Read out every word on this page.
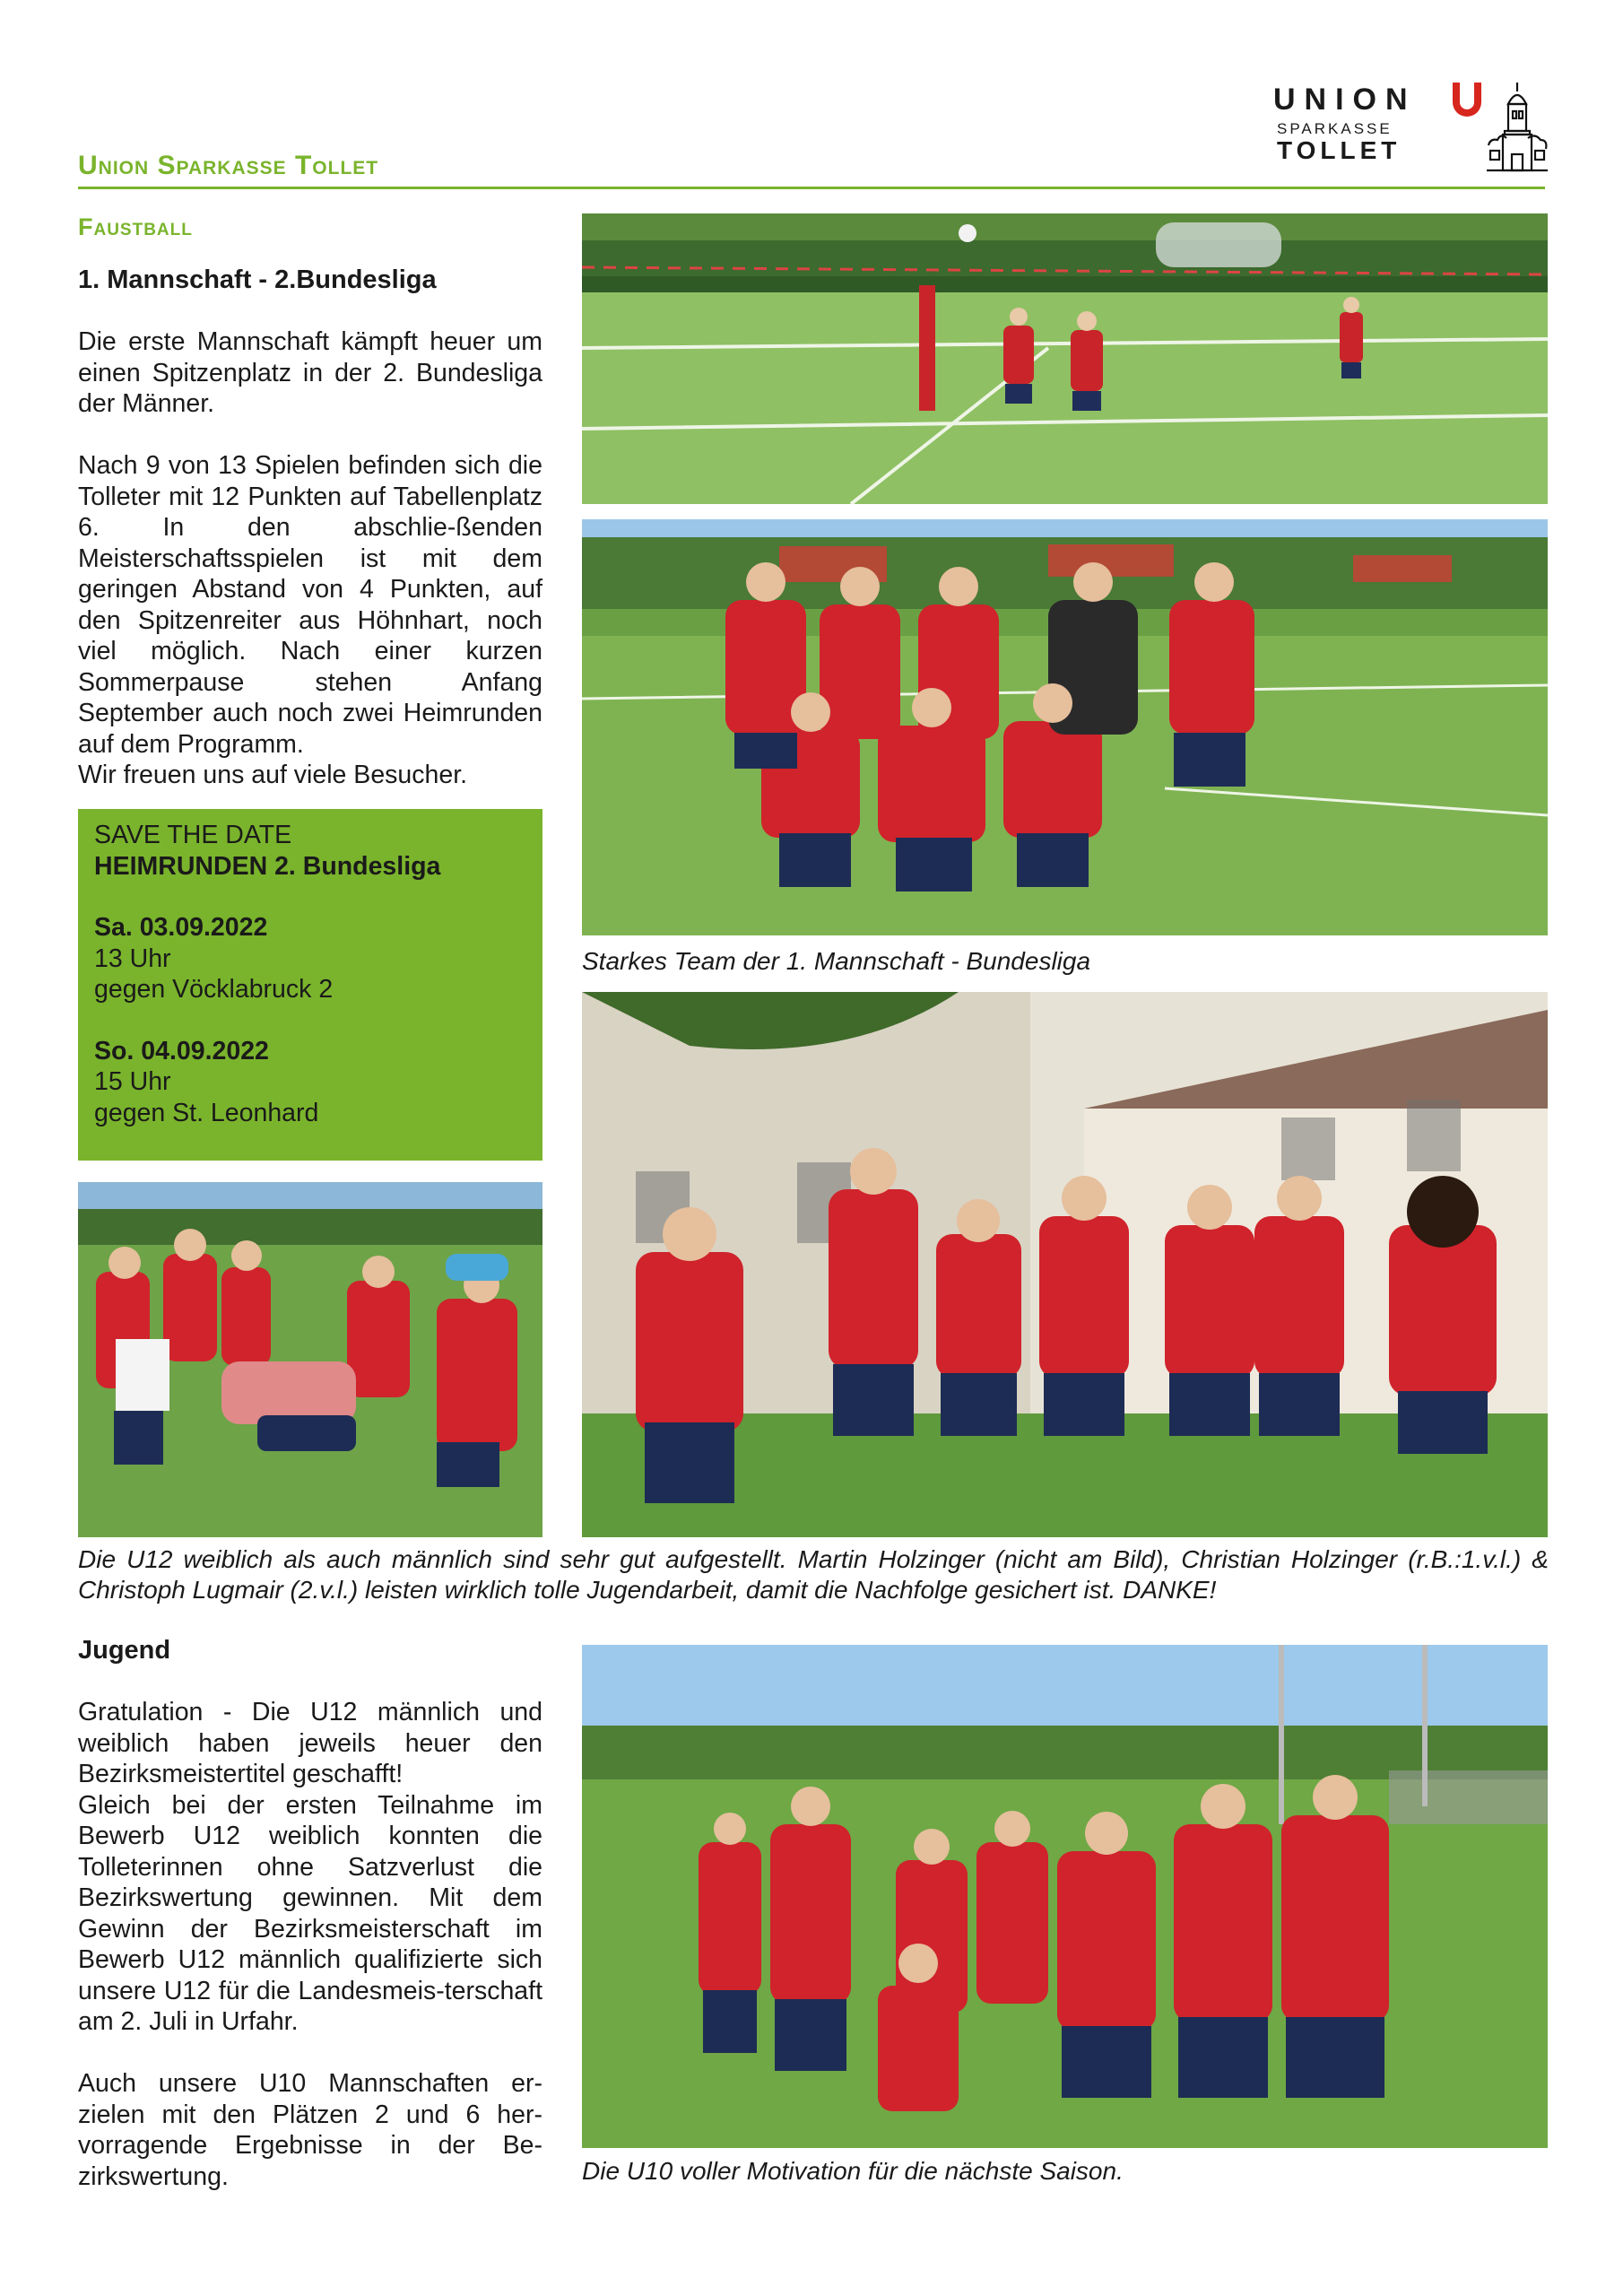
Union Sparkasse Tollet
UNION
SPARKASSE
TOLLET
Faustball
1. Mannschaft - 2.Bundesliga
Die erste Mannschaft kämpft heuer um einen Spitzenplatz in der 2. Bundesliga der Männer.

Nach 9 von 13 Spielen befinden sich die Tolleter mit 12 Punkten auf Tabellenplatz 6. In den abschlie-ßenden Meisterschaftsspielen ist mit dem geringen Abstand von 4 Punkten, auf den Spitzenreiter aus Höhnhart, noch viel möglich. Nach einer kurzen Sommerpause stehen Anfang September auch noch zwei Heimrunden auf dem Programm.
Wir freuen uns auf viele Besucher.
SAVE THE DATE
HEIMRUNDEN 2. Bundesliga
Sa. 03.09.2022
13 Uhr
gegen Vöcklabruck 2
So. 04.09.2022
15 Uhr
gegen St. Leonhard
Starkes Team der 1. Mannschaft - Bundesliga
Die U12 weiblich als auch männlich sind sehr gut aufgestellt. Martin Holzinger (nicht am Bild), Christian Holzinger (r.B.:1.v.l.) & Christoph Lugmair (2.v.l.) leisten wirklich tolle Jugendarbeit, damit die Nachfolge gesichert ist. DANKE!
Jugend
Gratulation - Die U12 männlich und weiblich haben jeweils heuer den Bezirksmeistertitel geschafft!
Gleich bei der ersten Teilnahme im Bewerb U12 weiblich konnten die Tolleterinnen ohne Satzverlust die Bezirkswertung gewinnen. Mit dem Gewinn der Bezirksmeisterschaft im Bewerb U12 männlich qualifizierte sich unsere U12 für die Landesmeis-terschaft am 2. Juli in Urfahr.

Auch unsere U10 Mannschaften er-zielen mit den Plätzen 2 und 6 her-vorragende Ergebnisse in der Be-zirkswertung.	Die U10 voller Motivation für die nächste Saison.
